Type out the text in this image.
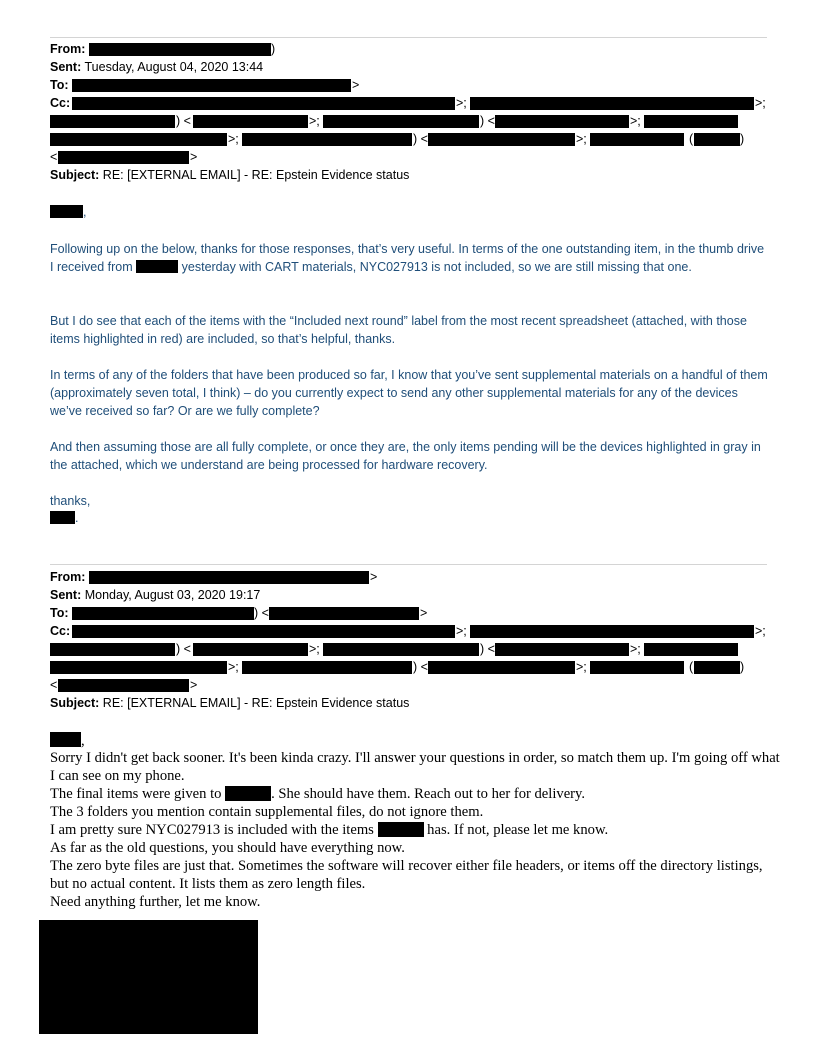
From:	)
Sent: Tuesday, August 04, 2020 13:44
To:	>
Cc:	>;	>;
) <	>;	) <	>;
>;	) <	>;	(	)
<	>
Subject: RE: [EXTERNAL EMAIL] - RE: Epstein Evidence status
,

Following up on the below, thanks for those responses, that’s very useful. In terms of the one outstanding item, in the thumb drive I received from	yesterday with CART materials, NYC027913 is not included, so we are still missing that one.

But I do see that each of the items with the “Included next round” label from the most recent spreadsheet (attached, with those items highlighted in red) are included, so that’s helpful, thanks.

In terms of any of the folders that have been produced so far, I know that you’ve sent supplemental materials on a handful of them (approximately seven total, I think) – do you currently expect to send any other supplemental materials for any of the devices we’ve received so far? Or are we fully complete?

And then assuming those are all fully complete, or once they are, the only items pending will be the devices highlighted in gray in the attached, which we understand are being processed for hardware recovery.

thanks,

.
From:	>
Sent: Monday, August 03, 2020 19:17
To:	) <	>
Cc:	>;	>;
) <	>;	) <	>;
>;	) <	>;	(	)
<	>
Subject: RE: [EXTERNAL EMAIL] - RE: Epstein Evidence status
,

Sorry I didn't get back sooner. It's been kinda crazy. I'll answer your questions in order, so match them up. I'm going off what I can see on my phone.

The final items were given to	. She should have them. Reach out to her for delivery.

The 3 folders you mention contain supplemental files, do not ignore them.

I am pretty sure NYC027913 is included with the items	has. If not, please let me know.

As far as the old questions, you should have everything now.

The zero byte files are just that. Sometimes the software will recover either file headers, or items off the directory listings, but no actual content. It lists them as zero length files.

Need anything further, let me know.
